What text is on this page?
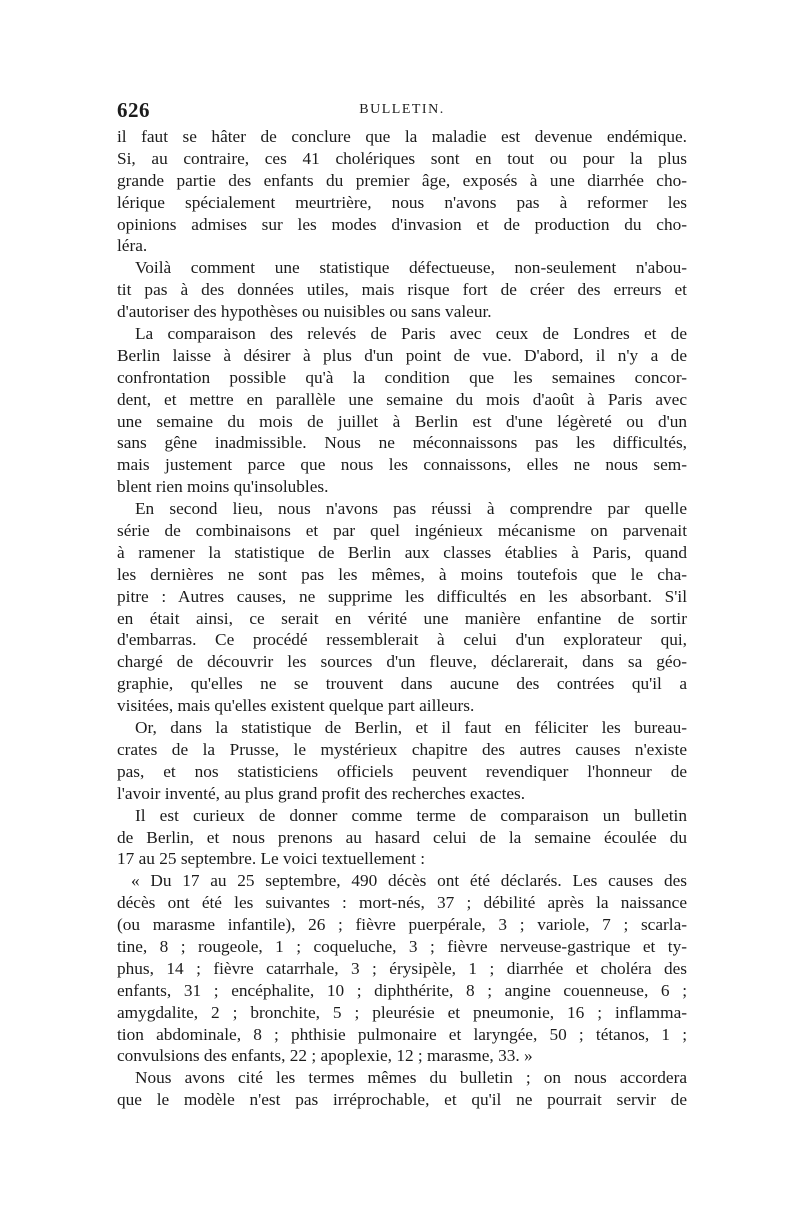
626	BULLETIN.
il faut se hâter de conclure que la maladie est devenue endémique.
Si, au contraire, ces 41 cholériques sont en tout ou pour la plus
grande partie des enfants du premier âge, exposés à une diarrhée cho-
lérique spécialement meurtrière, nous n'avons pas à reformer les
opinions admises sur les modes d'invasion et de production du cho-
léra.
Voilà comment une statistique défectueuse, non-seulement n'abou-
tit pas à des données utiles, mais risque fort de créer des erreurs et
d'autoriser des hypothèses ou nuisibles ou sans valeur.
La comparaison des relevés de Paris avec ceux de Londres et de
Berlin laisse à désirer à plus d'un point de vue. D'abord, il n'y a de
confrontation possible qu'à la condition que les semaines concor-
dent, et mettre en parallèle une semaine du mois d'août à Paris avec
une semaine du mois de juillet à Berlin est d'une légèreté ou d'un
sans gêne inadmissible. Nous ne méconnaissons pas les difficultés,
mais justement parce que nous les connaissons, elles ne nous sem-
blent rien moins qu'insolubles.
En second lieu, nous n'avons pas réussi à comprendre par quelle
série de combinaisons et par quel ingénieux mécanisme on parvenait
à ramener la statistique de Berlin aux classes établies à Paris, quand
les dernières ne sont pas les mêmes, à moins toutefois que le cha-
pitre : Autres causes, ne supprime les difficultés en les absorbant. S'il
en était ainsi, ce serait en vérité une manière enfantine de sortir
d'embarras. Ce procédé ressemblerait à celui d'un explorateur qui,
chargé de découvrir les sources d'un fleuve, déclarerait, dans sa géo-
graphie, qu'elles ne se trouvent dans aucune des contrées qu'il a
visitées, mais qu'elles existent quelque part ailleurs.
Or, dans la statistique de Berlin, et il faut en féliciter les bureau-
crates de la Prusse, le mystérieux chapitre des autres causes n'existe
pas, et nos statisticiens officiels peuvent revendiquer l'honneur de
l'avoir inventé, au plus grand profit des recherches exactes.
Il est curieux de donner comme terme de comparaison un bulletin
de Berlin, et nous prenons au hasard celui de la semaine écoulée du
17 au 25 septembre. Le voici textuellement :
« Du 17 au 25 septembre, 490 décès ont été déclarés. Les causes des
décès ont été les suivantes : mort-nés, 37 ; débilité après la naissance
(ou marasme infantile), 26 ; fièvre puerpérale, 3 ; variole, 7 ; scarla-
tine, 8 ; rougeole, 1 ; coqueluche, 3 ; fièvre nerveuse-gastrique et ty-
phus, 14 ; fièvre catarrhale, 3 ; érysipèle, 1 ; diarrhée et choléra des
enfants, 31 ; encéphalite, 10 ; diphthérite, 8 ; angine couenneuse, 6 ;
amygdalite, 2 ; bronchite, 5 ; pleurésie et pneumonie, 16 ; inflamma-
tion abdominale, 8 ; phthisie pulmonaire et laryngée, 50 ; tétanos, 1 ;
convulsions des enfants, 22 ; apoplexie, 12 ; marasme, 33. »
Nous avons cité les termes mêmes du bulletin ; on nous accordera
que le modèle n'est pas irréprochable, et qu'il ne pourrait servir de
